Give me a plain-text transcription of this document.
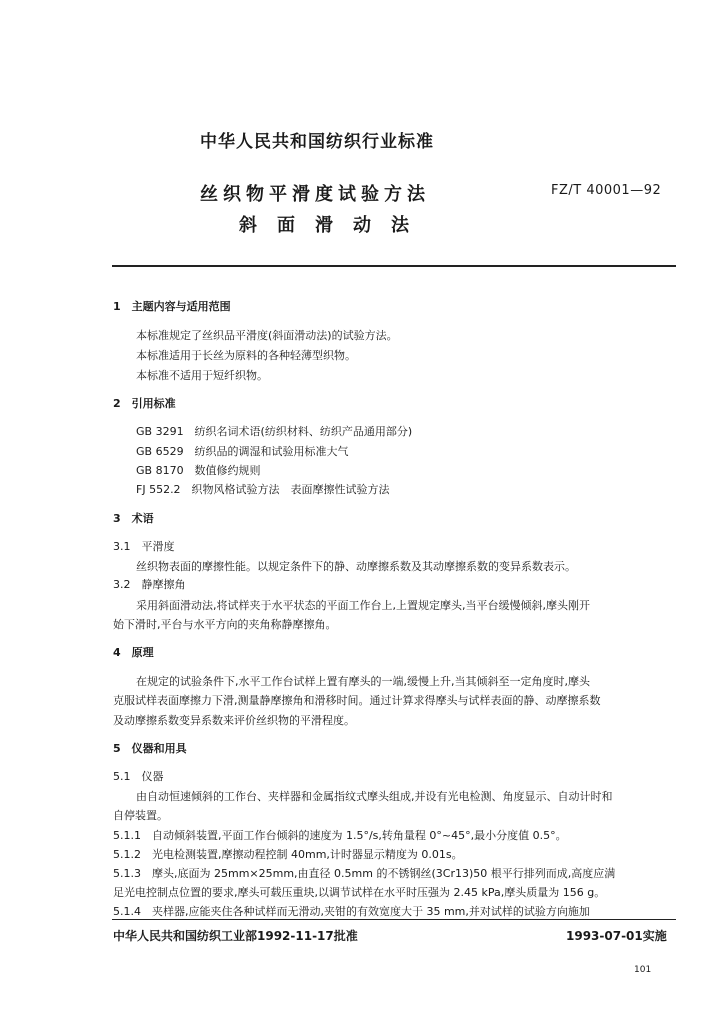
中华人民共和国纺织行业标准
丝织物平滑度试验方法
斜面滑动法
FZ/T 40001—92
1　主题内容与适用范围
本标准规定了丝织品平滑度(斜面滑动法)的试验方法。
本标准适用于长丝为原料的各种轻薄型织物。
本标准不适用于短纤织物。
2　引用标准
GB 3291　纺织名词术语(纺织材料、纺织产品通用部分)
GB 6529　纺织品的调湿和试验用标准大气
GB 8170　数值修约规则
FJ 552.2　织物风格试验方法　表面摩擦性试验方法
3　术语
3.1　平滑度
丝织物表面的摩擦性能。以规定条件下的静、动摩擦系数及其动摩擦系数的变异系数表示。
3.2　静摩擦角
采用斜面滑动法,将试样夹于水平状态的平面工作台上,上置规定摩头,当平台缓慢倾斜,摩头刚开
始下滑时,平台与水平方向的夹角称静摩擦角。
4　原理
在规定的试验条件下,水平工作台试样上置有摩头的一端,缓慢上升,当其倾斜至一定角度时,摩头
克服试样表面摩擦力下滑,测量静摩擦角和滑移时间。通过计算求得摩头与试样表面的静、动摩擦系数
及动摩擦系数变异系数来评价丝织物的平滑程度。
5　仪器和用具
5.1　仪器
由自动恒速倾斜的工作台、夹样器和金属指纹式摩头组成,并设有光电检测、角度显示、自动计时和
自停装置。
5.1.1　自动倾斜装置,平面工作台倾斜的速度为 1.5°/s,转角量程 0°~45°,最小分度值 0.5°。
5.1.2　光电检测装置,摩擦动程控制 40mm,计时器显示精度为 0.01s。
5.1.3　摩头,底面为 25mm×25mm,由直径 0.5mm 的不锈钢丝(3Cr13)50 根平行排列而成,高度应满
足光电控制点位置的要求,摩头可载压重块,以调节试样在水平时压强为 2.45 kPa,摩头质量为 156 g。
5.1.4　夹样器,应能夹住各种试样而无滑动,夹钳的有效宽度大于 35 mm,并对试样的试验方向施加
中华人民共和国纺织工业部1992-11-17批准	1993-07-01实施
101
